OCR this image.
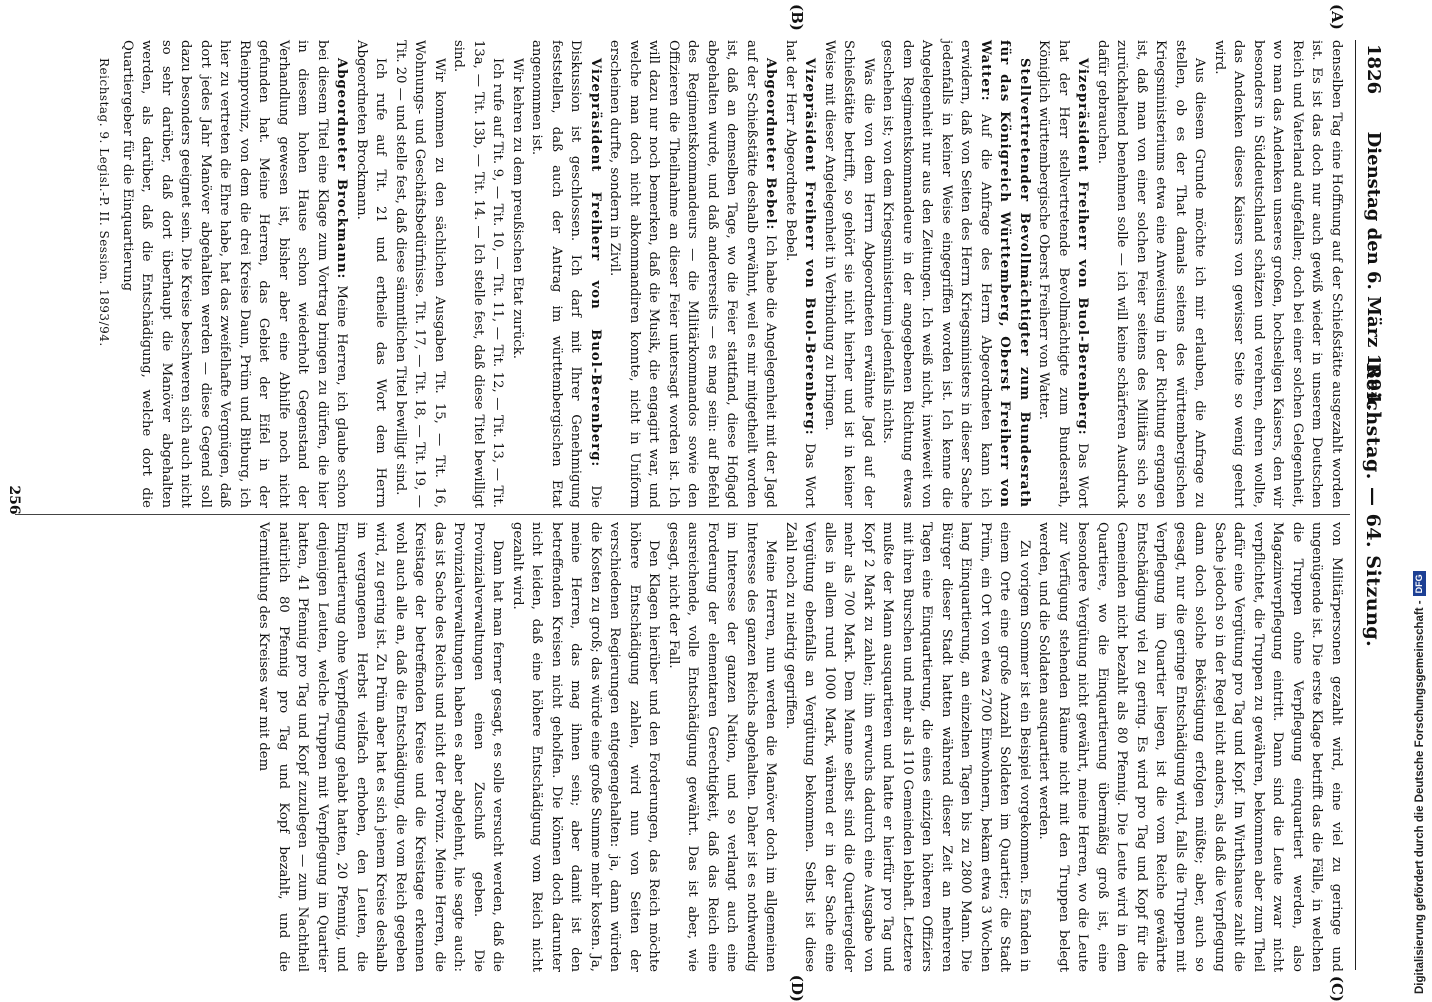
1826
Reichstag. — 64. Sitzung.
Dienstag den 6. März 1894.
(A)
(B)

denselben Tag eine Hoffnung auf der Schießstätte ausgezahlt worden ist. Es ist das doch nur auch gewiß wieder in unserem Deutschen Reich und Vaterland aufgefallen; doch bei einer solchen Gelegenheit, wo man das Andenken unseres großen, hochseligen Kaisers, den wir besonders in Süddeutschland schätzen und verehren, ehren wollte, das Andenken dieses Kaisers von gewisser Seite so wenig geehrt wird.

Aus diesem Grunde möchte ich mir erlauben, die Anfrage zu stellen, ob es der That damals seitens des württembergischen Kriegsministeriums etwa eine Anweisung in der Richtung ergangen ist, daß man von einer solchen Feier seitens des Militärs sich so zurückhaltend benehmen solle — ich will keine schärferen Ausdruck dafür gebrauchen.

Vizepräsident Freiherr von Buol-Berenberg: Das Wort hat der Herr stellvertretende Bevollmächtigte zum Bundesrath, Königlich württembergische Oberst Freiherr von Watter.

Stellvertretender Bevollmächtigter zum Bundesrath für das Königreich Württemberg, Oberst Freiherr von Watter: Auf die Anfrage des Herrn Abgeordneten kann ich erwidern, daß von Seiten des Herrn Kriegsministers in dieser Sache jedenfalls in keiner Weise eingegriffen worden ist. Ich kenne die Angelegenheit nur aus den Zeitungen. Ich weiß nicht, inwieweit von dem Regimentskommandeure in der angegebenen Richtung etwas geschehen ist; von dem Kriegsministerium jedenfalls nichts.

Was die von dem Herrn Abgeordneten erwähnte Jagd auf der Schießstätte betrifft, so gehört sie nicht hierher und ist in keiner Weise mit dieser Angelegenheit in Verbindung zu bringen.

Vizepräsident Freiherr von Buol-Berenberg: Das Wort hat der Herr Abgeordnete Bebel.

Abgeordneter Bebel: Ich habe die Angelegenheit mit der Jagd auf der Schießstätte deshalb erwähnt, weil es mir mitgetheilt worden ist, daß an demselben Tage, wo die Feier stattfand, diese Hofjagd abgehalten wurde, und daß andererseits — es mag sein: auf Befehl des Regimentskommandeurs — die Militärkommandos sowie den Offizieren die Theilnahme an dieser Feier untersagt worden ist. Ich will dazu nur noch bemerken, daß die Musik, die engagirt war, und welche man doch nicht abkommandiren konnte, nicht in Uniform erscheinen durfte, sondern in Zivil.

Vizepräsident Freiherr von Buol-Berenberg: Die Diskussion ist geschlossen. Ich darf mit Ihrer Genehmigung feststellen, daß auch der Antrag im württembergischen Etat angenommen ist.

Wir kehren zu dem preußischen Etat zurück.

Ich rufe auf Tit. 9, — Tit. 10, — Tit. 11, — Tit. 12, — Tit. 13, — Tit. 13a, — Tit. 13b, — Tit. 14. — Ich stelle fest, daß diese Titel bewilligt sind.

Wir kommen zu den sächlichen Ausgaben Tit. 15, — Tit. 16, Wohnungs- und Geschäftsbedürfnisse. Tit. 17, — Tit. 18, — Tit. 19, — Tit. 20 — und stelle fest, daß diese sämmtlichen Titel bewilligt sind.

Ich rufe auf Tit. 21 und ertheile das Wort dem Herrn Abgeordneten Brockmann.

Abgeordneter Brockmann: Meine Herren, ich glaube schon bei diesem Titel eine Klage zum Vortrag bringen zu dürfen, die hier in diesem hohen Hause schon wiederholt Gegenstand der Verhandlung gewesen ist, bisher aber eine Abhilfe noch nicht gefunden hat. Meine Herren, das Gebiet der Eifel in der Rheinprovinz, von dem die drei Kreise Daun, Prüm und Bitburg, ich hier zu vertreten die Ehre habe, hat das zweifelhafte Vergnügen, daß dort jedes Jahr Manöver abgehalten werden — diese Gegend soll dazu besonders geeignet sein. Die Kreise beschweren sich auch nicht so sehr darüber, daß dort überhaupt die Manöver abgehalten werden, als darüber, daß die Entschädigung, welche dort die Quartiergeber für die Einquartierung

Reichstag. 9. Legisl.-P. II. Session. 1893/94.
(C)
(D)

von Militärpersonen gezahlt wird, eine viel zu geringe und ungenügende ist. Die erste Klage betrifft das die Fälle, in welchen die Truppen ohne Verpflegung einquartiert werden, also Magazinverpflegung eintritt. Dann sind die Leute zwar nicht verpflichtet, die Truppen zu gewähren, bekommen aber zum Theil dafür eine Vergütung pro Tag und Kopf. Im Wirthshause zahlt die Sache jedoch so in der Regel nicht anders, als daß die Verpflegung dann doch solche Beköstigung erfolgen müßte; aber, auch so gesagt, nur die geringe Entschädigung wird, falls die Truppen mit Verpflegung im Quartier liegen, ist die vom Reiche gewährte Entschädigung viel zu gering. Es wird pro Tag und Kopf für die Gemeinden nicht bezahlt als 80 Pfennig. Die Leute wird in dem Quartiere, wo die Einquartierung übermäßig groß ist, eine besondere Vergütung nicht gewährt, meine Herren, wo die Leute zur Verfügung stehenden Räume nicht mit den Truppen belegt werden, und die Soldaten ausquartiert werden.

Zu vorigem Sommer ist ein Beispiel vorgekommen. Es fanden in einem Orte eine große Anzahl Soldaten im Quartier; die Stadt Prüm, ein Ort von etwa 2700 Einwohnern, bekam etwa 3 Wochen lang Einquartierung, an einzelnen Tagen bis zu 2800 Mann. Die Bürger dieser Stadt hatten während dieser Zeit an mehreren Tagen eine Einquartierung, die eines einzigen höheren Offiziers mit ihren Burschen und mehr als 110 Gemeinden lebhaft. Letztere mußte der Mann ausquartieren und hatte er hierfür pro Tag und Kopf 2 Mark zu zahlen; ihm erwuchs dadurch eine Ausgabe von mehr als 700 Mark. Dem Manne selbst sind die Quartiergelder alles in allem rund 1000 Mark, während er in der Sache eine Vergütung ebenfalls an Vergütung bekommen. Selbst ist diese Zahl noch zu niedrig gegriffen.

Meine Herren, nun werden die Manöver doch im allgemeinen Interesse des ganzen Reichs abgehalten. Daher ist es nothwendig im Interesse der ganzen Nation, und so verlangt auch eine Forderung der elementaren Gerechtigkeit, daß das Reich eine ausreichende, volle Entschädigung gewährt. Das ist aber, wie gesagt, nicht der Fall.

Den Klagen hierüber und den Forderungen, das Reich möchte höhere Entschädigung zahlen, wird nun von Seiten der verschiedenen Regierungen entgegengehalten: ja, dann würden die Kosten zu groß; das würde eine große Summe mehr kosten. Ja, meine Herren, das mag ihnen sein; aber damit ist den betreffenden Kreisen nicht geholfen. Die können doch darunter nicht leiden, daß eine höhere Entschädigung vom Reich nicht gezahlt wird.

Dann hat man ferner gesagt, es solle versucht werden, daß die Provinzialverwaltungen einen Zuschuß geben. Die Provinzialverwaltungen haben es aber abgelehnt, hie sagte auch: das ist Sache des Reichs und nicht der Provinz. Meine Herren, die Kreistage der betreffenden Kreise und die Kreistage erkennen wohl auch alle an, daß die Entschädigung, die vom Reich gegeben wird, zu gering ist. Zu Prüm aber hat es sich jenem Kreise deshalb im vergangenen Herbst vielfach erhoben, den Leuten, die Einquartierung ohne Verpflegung gehabt hatten, 20 Pfennig, und denjenigen Leuten, welche Truppen mit Verpflegung im Quartier hatten, 41 Pfennig pro Tag und Kopf zuzulegen — zum Nachtheil natürlich 80 Pfennig pro Tag und Kopf bezahlt, und die Vermittlung des Kreises war mit dem

256
Digitalisierung gefördert durch die Deutsche Forschungsgemeinschaft -DFG
